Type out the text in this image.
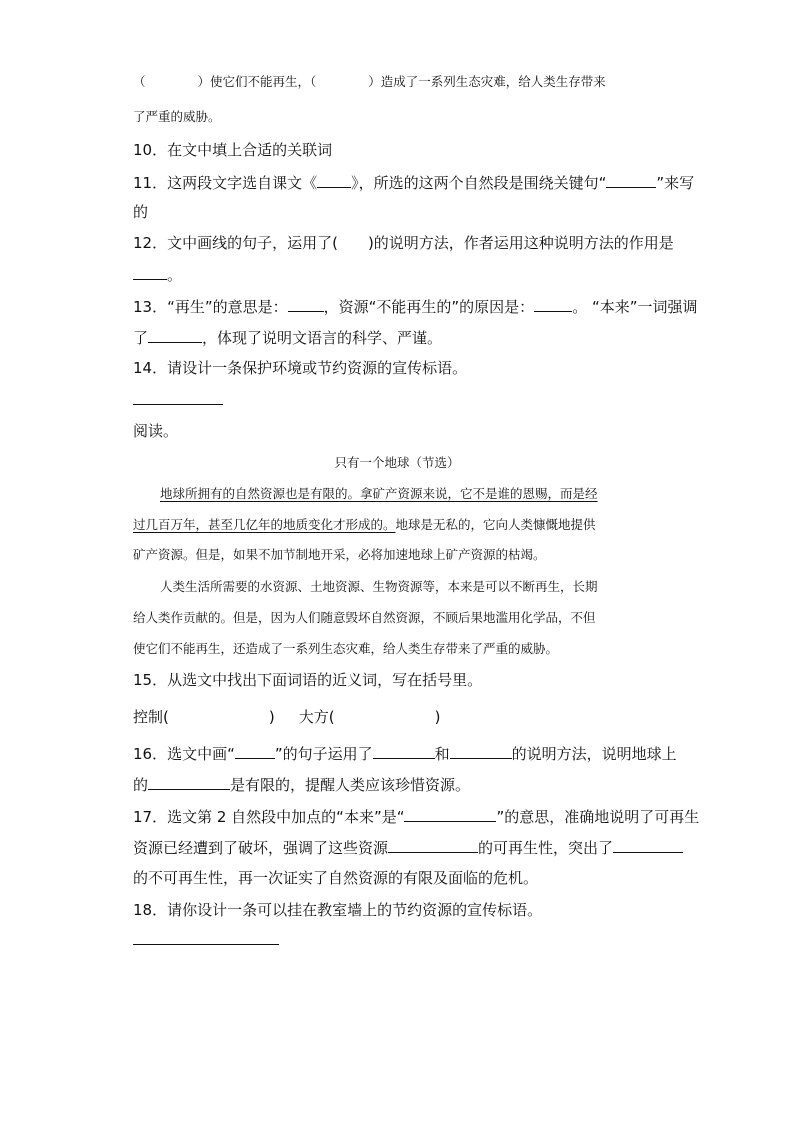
（	）使它们不能再生，（	）造成了一系列生态灾难，给人类生存带来
了严重的威胁。
10．在文中填上合适的关联词
11．这两段文字选自课文《 》，所选的这两个自然段是围绕关键句“	”来写
的
12．文中画线的句子，运用了( )的说明方法，作者运用这种说明方法的作用是
。
13．“再生”的意思是： ，资源“不能再生的”的原因是：	。 “本来”一词强调
了	，体现了说明文语言的科学、严谨。
14．请设计一条保护环境或节约资源的宣传标语。
阅读。
只有一个地球（节选）
地球所拥有的自然资源也是有限的。拿矿产资源来说，它不是谁的恩赐，而是经
过几百万年，甚至几亿年的地质变化才形成的。地球是无私的，它向人类慷慨地提供
矿产资源。但是，如果不加节制地开采，必将加速地球上矿产资源的枯竭。
人类生活所需要的水资源、土地资源、生物资源等，本来是可以不断再生，长期
给人类作贡献的。但是，因为人们随意毁坏自然资源，不顾后果地滥用化学品，不但
使它们不能再生，还造成了一系列生态灾难，给人类生存带来了严重的威胁。
15．从选文中找出下面词语的近义词，写在括号里。
控制(	) 大方(	)
16．选文中画“	”的句子运用了	和	的说明方法，说明地球上
的	是有限的，提醒人类应该珍惜资源。
17．选文第 2 自然段中加点的“本来”是“	”的意思，准确地说明了可再生
资源已经遭到了破坏，强调了这些资源	的可再生性，突出了
的不可再生性，再一次证实了自然资源的有限及面临的危机。
18．请你设计一条可以挂在教室墙上的节约资源的宣传标语。
